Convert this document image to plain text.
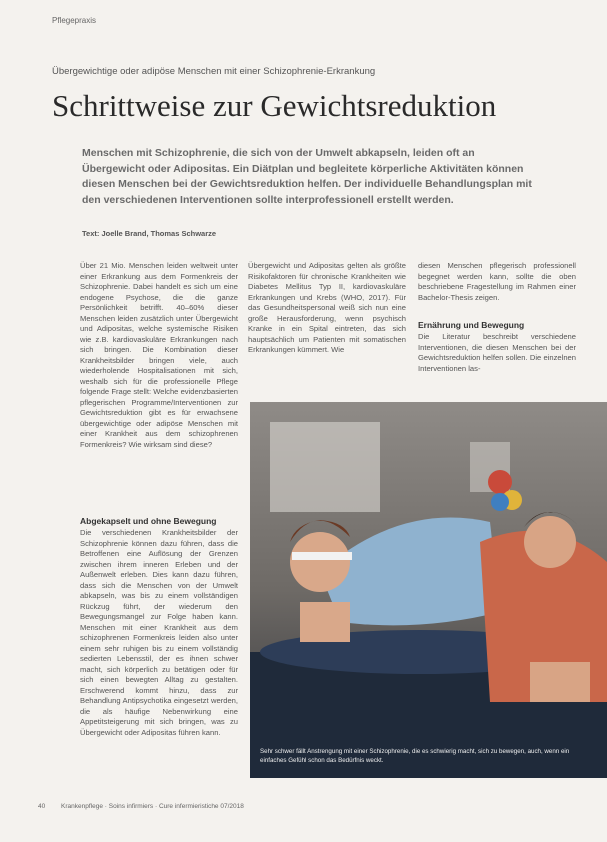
Pflegepraxis
Übergewichtige oder adipöse Menschen mit einer Schizophrenie-Erkrankung
Schrittweise zur Gewichtsreduktion
Menschen mit Schizophrenie, die sich von der Umwelt abkapseln, leiden oft an Übergewicht oder Adipositas. Ein Diätplan und begleitete körperliche Aktivitäten können diesen Menschen bei der Gewichtsreduktion helfen. Der individuelle Behandlungsplan mit den verschiedenen Interventionen sollte interprofessionell erstellt werden.
Text: Joelle Brand, Thomas Schwarze
Über 21 Mio. Menschen leiden weltweit unter einer Erkrankung aus dem Formenkreis der Schizophrenie. Dabei handelt es sich um eine endogene Psychose, die die ganze Persönlichkeit betrifft. 40–60% dieser Menschen leiden zusätzlich unter Übergewicht und Adipositas, welche systemische Risiken wie z.B. kardiovaskuläre Erkrankungen nach sich bringen. Die Kombination dieser Krankheitsbilder bringen viele, auch wiederholende Hospitalisationen mit sich, weshalb sich für die professionelle Pflege folgende Frage stellt: Welche evidenzbasierten pflegerischen Programme/Interventionen zur Gewichtsreduktion gibt es für erwachsene übergewichtige oder adipöse Menschen mit einer Krankheit aus dem schizophrenen Formenkreis? Wie wirksam sind diese?
Abgekapselt und ohne Bewegung
Die verschiedenen Krankheitsbilder der Schizophrenie können dazu führen, dass die Betroffenen eine Auflösung der Grenzen zwischen ihrem inneren Erleben und der Außenwelt erleben. Dies kann dazu führen, dass sich die Menschen von der Umwelt abkapseln, was bis zu einem vollständigen Rückzug führt, der wiederum den Bewegungsmangel zur Folge haben kann. Menschen mit einer Krankheit aus dem schizophrenen Formenkreis leiden also unter einem sehr ruhigen bis zu einem vollständig sedierten Lebensstil, der es ihnen schwer macht, sich körperlich zu betätigen oder für sich einen bewegten Alltag zu gestalten. Erschwerend kommt hinzu, dass zur Behandlung Antipsychotika eingesetzt werden, die als häufige Nebenwirkung eine Appetitsteigerung mit sich bringen, was zu Übergewicht oder Adipositas führen kann.
Übergewicht und Adipositas gelten als größte Risikofaktoren für chronische Krankheiten wie Diabetes Mellitus Typ II, kardiovaskuläre Erkrankungen und Krebs (WHO, 2017). Für das Gesundheitspersonal weiß sich nun eine große Herausforderung, wenn psychisch Kranke in ein Spital eintreten, das sich hauptsächlich um Patienten mit somatischen Erkrankungen kümmert. Wie
diesen Menschen pflegerisch professionell begegnet werden kann, sollte die oben beschriebene Fragestellung im Rahmen einer Bachelor-Thesis zeigen.
Ernährung und Bewegung
Die Literatur beschreibt verschiedene Interventionen, die diesen Menschen bei der Gewichtsreduktion helfen sollen. Die einzelnen Interventionen las-
Sehr schwer fällt Anstrengung mit einer Schizophrenie, die es schwierig macht, sich zu bewegen, auch, wenn ein einfaches Gefühl schon das Bedürfnis weckt.
40 Krankenpflege · Soins infirmiers · Cure infermieristiche 07/2018
